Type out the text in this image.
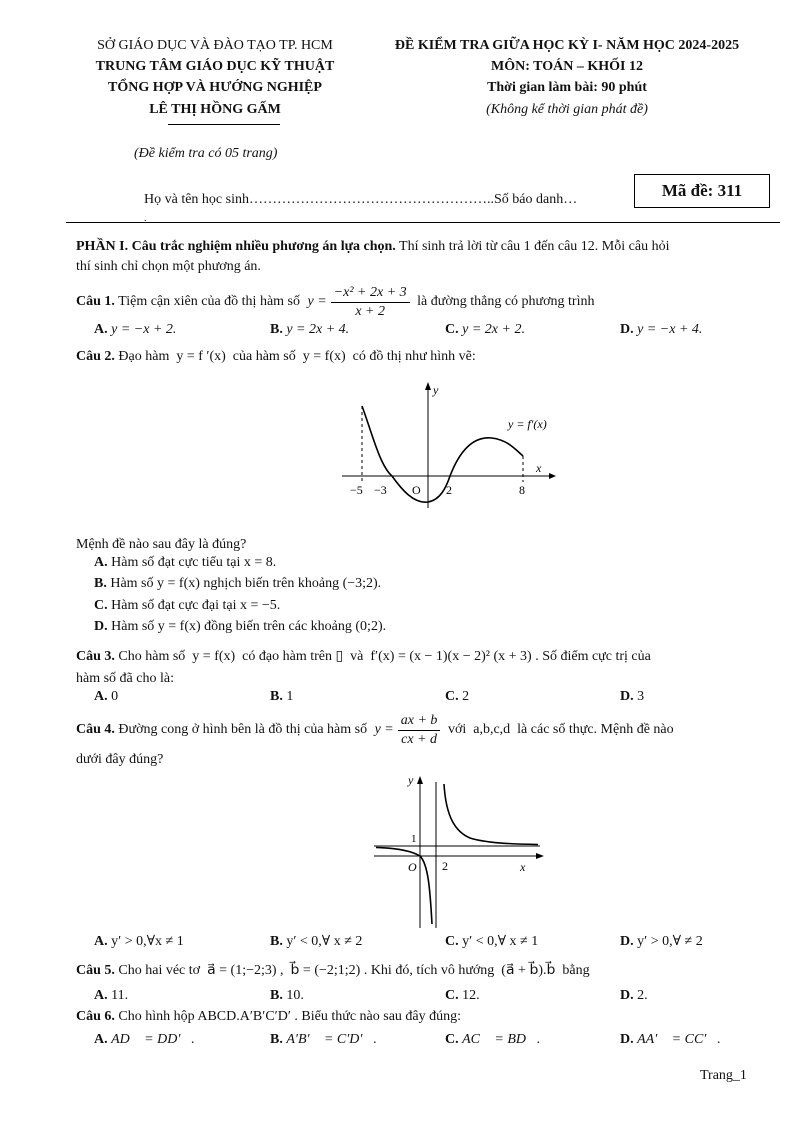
SỞ GIÁO DỤC VÀ ĐÀO TẠO TP. HCM
TRUNG TÂM GIÁO DỤC KỸ THUẬT
TỔNG HỢP VÀ HƯỚNG NGHIỆP
LÊ THỊ HỒNG GẤM
ĐỀ KIỂM TRA GIỮA HỌC KỲ I- NĂM HỌC 2024-2025
MÔN: TOÁN – KHỐI 12
Thời gian làm bài: 90 phút
(Không kể thời gian phát đề)
(Đề kiểm tra có 05 trang)
Họ và tên học sinh……………………………………………..Số báo danh…	Mã đề: 311
.
PHẦN I. Câu trắc nghiệm nhiều phương án lựa chọn. Thí sinh trả lời từ câu 1 đến câu 12. Mỗi câu hỏi
thí sinh chỉ chọn một phương án.
Câu 1. Tiệm cận xiên của đồ thị hàm số $y = \frac{\text{−x² + 2x + 3}}{x + 2}$ là đường thẳng có phương trình
A. y = −x + 2.	B. y = 2x + 4.	C. y = 2x + 2.	D. y = −x + 4.
Câu 2. Đạo hàm  y = f ′(x)  của hàm số  y = f(x)  có đồ thị như hình vẽ:
y
x
y = f′(x)
−5 −3 O 2	8
Mệnh đề nào sau đây là đúng?
A. Hàm số đạt cực tiểu tại x = 8.
B. Hàm số y = f(x) nghịch biến trên khoảng (−3;2).
C. Hàm số đạt cực đại tại x = −5.
D. Hàm số y = f(x) đồng biến trên các khoảng (0;2).
Câu 3. Cho hàm số  y = f(x)  có đạo hàm trên ▯  và  f′(x) = (x − 1)(x − 2)² (x + 3) . Số điểm cực trị của
hàm số đã cho là:
A. 0	B. 1	C. 2	D. 3
Câu 4. Đường cong ở hình bên là đồ thị của hàm số $y = \frac{ax + b}{cx + d}$ với  a,b,c,d  là các số thực. Mệnh đề nào
dưới đây đúng?
y
x
1
O 2
A. y′ > 0,∀x ≠ 1	B. y′ < 0,∀ x ≠ 2	C. y′ < 0,∀ x ≠ 1	D. y′ > 0,∀ ≠ 2
Câu 5. Cho hai véc tơ  a⃗ = (1;−2;3) ,  b⃗ = (−2;1;2) . Khi đó, tích vô hướng  (a⃗ + b⃗).b⃗  bằng
A. 11.	B. 10.	C. 12.	D. 2.
Câu 6. Cho hình hộp ABCD.A′B′C′D′ . Biểu thức nào sau đây đúng:
A. AD⃗ = DD′⃗.	B. A′B′⃗ = C′D′⃗.	C. AC⃗ = BD⃗.	D. AA′⃗ = CC′⃗.
Trang_1
